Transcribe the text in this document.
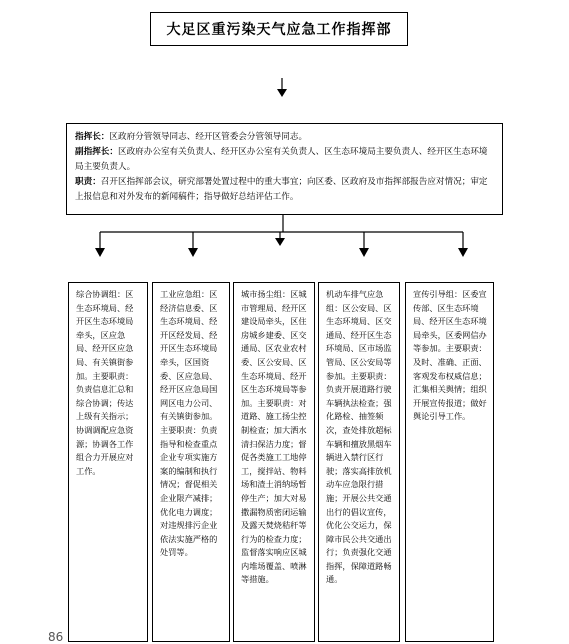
大足区重污染天气应急工作指挥部
指挥长：区政府分管领导同志、经开区管委会分管领导同志。
副指挥长：区政府办公室有关负责人、经开区办公室有关负责人、区生态环境局主要负责人、经开区生态环境局主要负责人。
职责：召开区指挥部会议，研究部署处置过程中的重大事宜；向区委、区政府及市指挥部报告应对情况；审定上报信息和对外发布的新闻稿件；指导做好总结评估工作。
综合协调组：区生态环境局、经开区生态环境局牵头，区应急局、经开区应急局、有关镇街参加。主要职责：负责信息汇总和综合协调；传达上级有关指示；协调调配应急资源；协调各工作组合力开展应对工作。
工业应急组：区经济信息委、区生态环境局、经开区经发局、经开区生态环境局牵头，区国资委、区应急局、经开区应急局国网区电力公司、有关镇街参加。主要职责：负责指导和检查重点企业专项实施方案的编制和执行情况；督促相关企业限产减排；优化电力调度；对违规排污企业依法实施严格的处罚等。
城市扬尘组：区城市管理局、经开区建设局牵头，区住房城乡建委、区交通局、区农业农村委、区公安局、区生态环境局、经开区生态环境局等参加。主要职责：对道路、施工扬尘控制检查；加大洒水清扫保洁力度；督促各类施工工地停工，搅拌站、物料场和渣土消纳场暂停生产；加大对易撒漏物质密闭运输及露天焚烧秸秆等行为的检查力度；监督落实响应区城内堆场覆盖、喷淋等措施。
机动车排气应急组：区公安局、区生态环境局、区交通局、经开区生态环境局、区市场监管局、区公安局等参加。主要职责：负责开展道路行驶车辆执法检查；强化路检、抽签频次，查处排放超标车辆和擅放黑烟车辆进入禁行区行驶；落实高排放机动车应急限行措施；开展公共交通出行的倡议宣传，优化公交运力，保障市民公共交通出行；负责强化交通指挥，保障道路畅通。
宣传引导组：区委宣传部、区生态环境局、经开区生态环境局牵头，区委网信办等参加。主要职责：及时、准确、正面、客观发布权威信息；汇集相关舆情；组织开展宣传报道；做好舆论引导工作。
86
